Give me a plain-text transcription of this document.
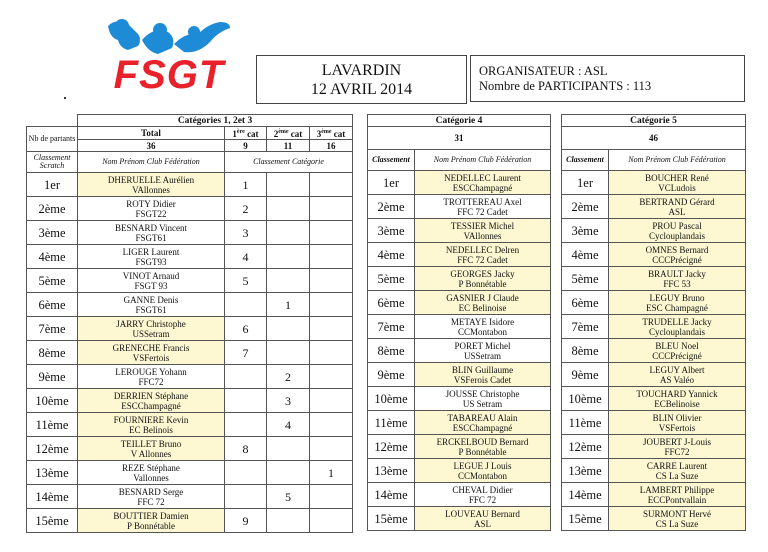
FSGT	LAVARDIN
12 AVRIL 2014
ORGANISATEUR : ASL
Nombre de PARTICIPANTS : 113
	Catégories 1, 2et 3			
Nb de partants	Total	1ère cat	2ème cat	3ème cat
	36	9	11	16
Classement Scratch	Nom Prénom Club Fédération	Classement Catégorie		
1er	DHERUELLE Aurélien
VAllonnes	1		
2ème	ROTY Didier
FSGT22	2		
3ème	BESNARD Vincent
FSGT61	3		
4ème	LIGER Laurent
FSGT93	4		
5ème	VINOT Arnaud
FSGT 93	5		
6ème	GANNE Denis
FSGT61		1	
7ème	JARRY Christophe
USSetram	6		
8ème	GRENECHE Francis
VSFertois	7		
9ème	LEROUGE Yohann
FFC72		2	
10ème	DERRIEN Stéphane
ESCChampagné		3	
11ème	FOURNIERE Kevin
EC Belinois		4	
12ème	TEILLET Bruno
V Allonnes	8		
13ème	REZE Stéphane
Vallonnes			1
14ème	BESNARD Serge
FFC 72		5	
15ème	BOUTTIER Damien
P Bonnétable	9		
Catégorie 4	
31	
Classement	Nom Prénom Club Fédération
1er	NEDELLEC Laurent
ESCChampagné

2ème	TROTTEREAU Axel
FFC 72 Cadet

3ème	TESSIER Michel
VAllonnes

4ème	NEDELLEC Delren
FFC 72 Cadet

5ème	GEORGES Jacky
P Bonnétable

6ème	GASNIER J Claude
EC Belinoise

7ème	METAYE Isidore
CCMontabon

8ème	PORET Michel
USSetram

9ème	BLIN Guillaume
VSFerois Cadet

10ème	JOUSSE Christophe
US Setram

11ème	TABAREAU Alain
ESCChampagné

12ème	ERCKELBOUD Bernard
P Bonnétable

13ème	LEGUE J Louis
CCMontabon

14ème	CHEVAL Didier
FFC 72

15ème	LOUVEAU Bernard
ASL
Catégorie 5	
46	
Classement	Nom Prénom Club Fédération
1er	BOUCHER René
VCLudois

2ème	BERTRAND Gérard
ASL

3ème	PROU Pascal
Cyclouplandais

4ème	OMNES Bernard
CCCPrécigné

5ème	BRAULT Jacky
FFC 53

6ème	LEGUY Bruno
ESC Champagné

7ème	TRUDELLE Jacky
Cyclouplandais

8ème	BLEU Noel
CCCPrécigné

9ème	LEGUY Albert
AS Valéo

10ème	TOUCHARD Yannick
ECBelinoise

11ème	BLIN Olivier
VSFertois

12ème	JOUBERT J-Louis
FFC72

13ème	CARRE Laurent
CS La Suze

14ème	LAMBERT Philippe
ECCPontvallain

15ème	SURMONT Hervé
CS La Suze
